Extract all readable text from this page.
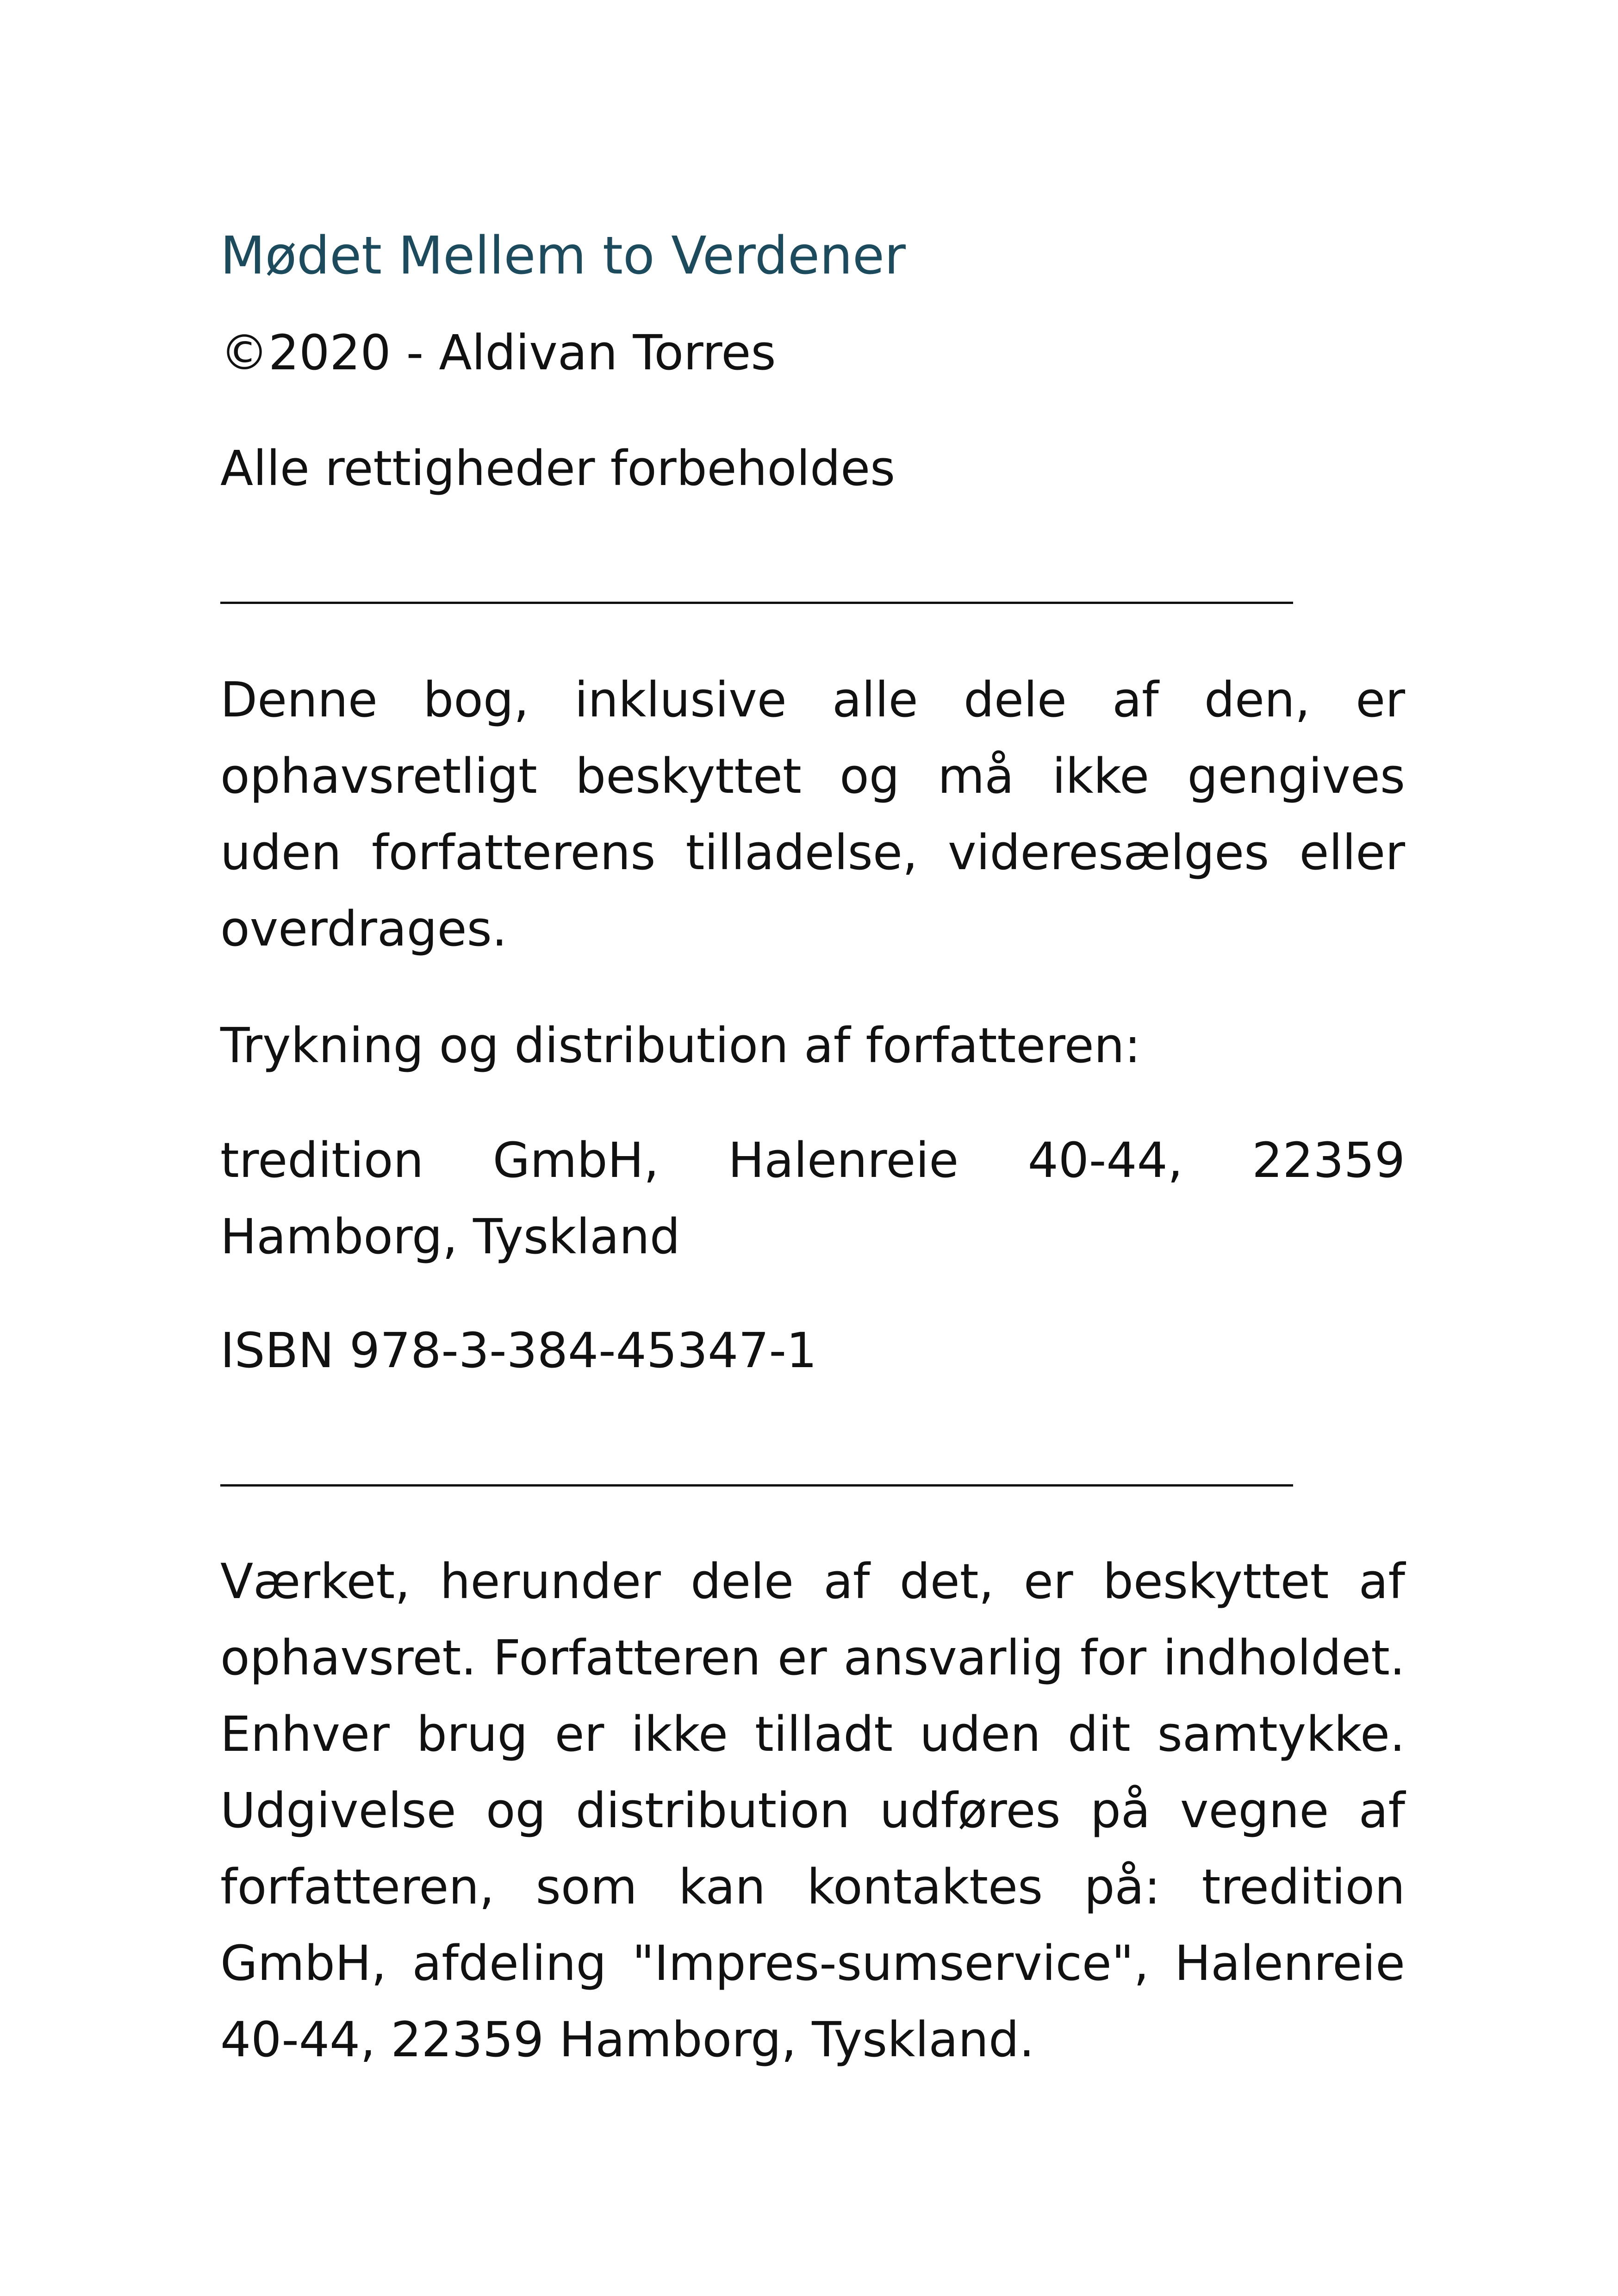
Mødet Mellem to Verdener
©2020 - Aldivan Torres
Alle rettigheder forbeholdes
Denne bog, inklusive alle dele af den, er ophavsretligt beskyttet og må ikke gengives uden forfatterens tilladelse, videresælges eller overdrages.
Trykning og distribution af forfatteren:
tredition GmbH, Halenreie 40-44, 22359 Hamborg, Tyskland
ISBN 978-3-384-45347-1
Værket, herunder dele af det, er beskyttet af ophavsret. Forfatteren er ansvarlig for indholdet. Enhver brug er ikke tilladt uden dit samtykke. Udgivelse og distribution udføres på vegne af forfatteren, som kan kontaktes på: tredition GmbH, afdeling "Impres-sumservice", Halenreie 40-44, 22359 Hamborg, Tyskland.
